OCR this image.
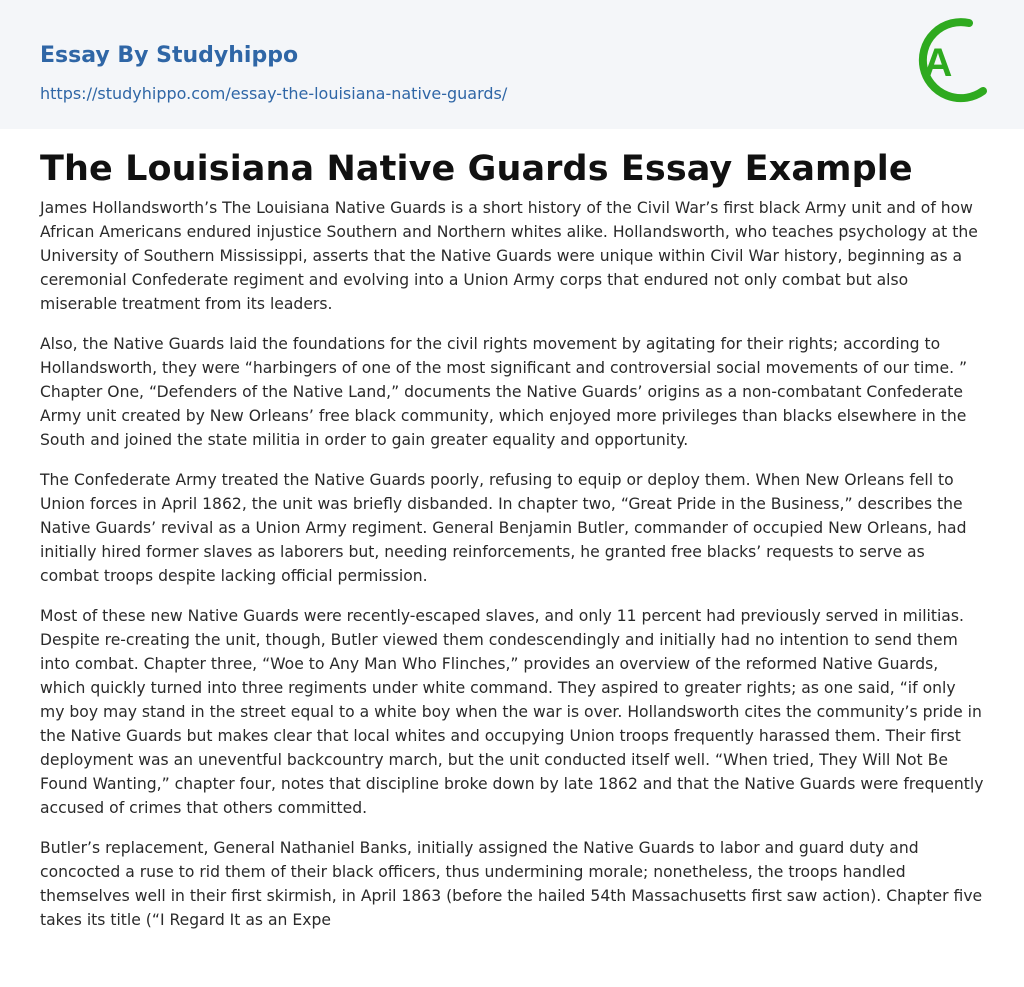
Essay By Studyhippo
https://studyhippo.com/essay-the-louisiana-native-guards/
A
The Louisiana Native Guards Essay Example

James Hollandsworth’s The Louisiana Native Guards is a short history of the Civil War’s first black Army unit and of how African Americans endured injustice Southern and Northern whites alike. Hollandsworth, who teaches psychology at the University of Southern Mississippi, asserts that the Native Guards were unique within Civil War history, beginning as a ceremonial Confederate regiment and evolving into a Union Army corps that endured not only combat but also miserable treatment from its leaders.

Also, the Native Guards laid the foundations for the civil rights movement by agitating for their rights; according to Hollandsworth, they were “harbingers of one of the most significant and controversial social movements of our time. ” Chapter One, “Defenders of the Native Land,” documents the Native Guards’ origins as a non-combatant Confederate Army unit created by New Orleans’ free black community, which enjoyed more privileges than blacks elsewhere in the South and joined the state militia in order to gain greater equality and opportunity.

The Confederate Army treated the Native Guards poorly, refusing to equip or deploy them. When New Orleans fell to Union forces in April 1862, the unit was briefly disbanded. In chapter two, “Great Pride in the Business,” describes the Native Guards’ revival as a Union Army regiment. General Benjamin Butler, commander of occupied New Orleans, had initially hired former slaves as laborers but, needing reinforcements, he granted free blacks’ requests to serve as combat troops despite lacking official permission.

Most of these new Native Guards were recently-escaped slaves, and only 11 percent had previously served in militias. Despite re-creating the unit, though, Butler viewed them condescendingly and initially had no intention to send them into combat. Chapter three, “Woe to Any Man Who Flinches,” provides an overview of the reformed Native Guards, which quickly turned into three regiments under white command. They aspired to greater rights; as one said, “if only my boy may stand in the street equal to a white boy when the war is over. Hollandsworth cites the community’s pride in the Native Guards but makes clear that local whites and occupying Union troops frequently harassed them. Their first deployment was an uneventful backcountry march, but the unit conducted itself well. “When tried, They Will Not Be Found Wanting,” chapter four, notes that discipline broke down by late 1862 and that the Native Guards were frequently accused of crimes that others committed.

Butler’s replacement, General Nathaniel Banks, initially assigned the Native Guards to labor and guard duty and concocted a ruse to rid them of their black officers, thus undermining morale; nonetheless, the troops handled themselves well in their first skirmish, in April 1863 (before the hailed 54th Massachusetts first saw action). Chapter five takes its title (“I Regard It as an Expe
